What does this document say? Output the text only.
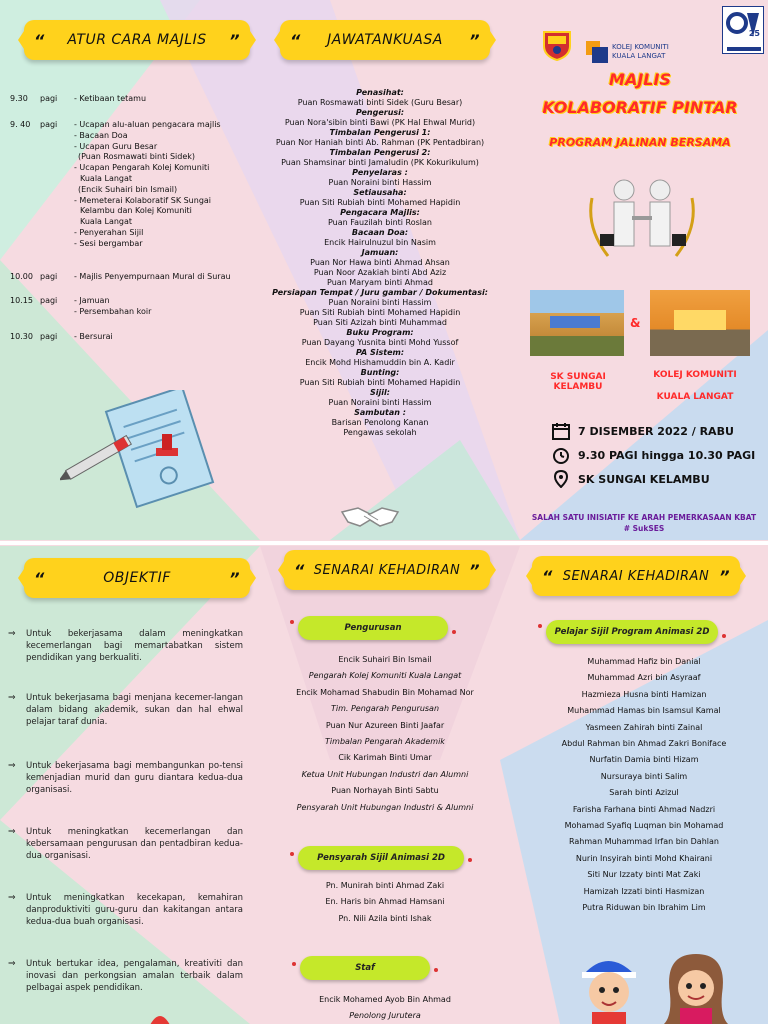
“ ATUR CARA MAJLIS ”
9.30	pagi	- Ketibaan tetamu
9. 40	pagi	- Ucapan alu-aluan pengacara majlis
- Bacaan Doa
- Ucapan Guru Besar
(Puan Rosmawati binti Sidek)
- Ucapan Pengarah Kolej Komuniti
Kuala Langat
(Encik Suhairi bin Ismail)
- Memeterai Kolaboratif SK Sungai
Kelambu dan Kolej Komuniti
Kuala Langat
- Penyerahan Sijil
- Sesi bergambar
10.00 pagi	- Majlis Penyempurnaan Mural di Surau
10.15 pagi	- Jamuan
- Persembahan koir
10.30 pagi	- Bersurai
“ JAWATANKUASA ”
Penasihat:
Puan Rosmawati binti Sidek (Guru Besar)
Pengerusi:
Puan Nora'sibin binti Bawi (PK Hal Ehwal Murid)
Timbalan Pengerusi 1:
Puan Nor Haniah binti Ab. Rahman (PK Pentadbiran)
Timbalan Pengerusi 2:
Puan Shamsinar binti Jamaludin (PK Kokurikulum)
Penyelaras :
Puan Noraini binti Hassim
Setiausaha:
Puan Siti Rubiah binti Mohamed Hapidin
Pengacara Majlis:
Puan Fauzilah binti Roslan
Bacaan Doa:
Encik Hairulnuzul bin Nasim
Jamuan:
Puan Nor Hawa binti Ahmad Ahsan
Puan Noor Azakiah binti Abd Aziz
Puan Maryam binti Ahmad
Persiapan Tempat / Juru gambar / Dokumentasi:
Puan Noraini binti Hassim
Puan Siti Rubiah binti Mohamed Hapidin
Puan Siti Azizah binti Muhammad
Buku Program:
Puan Dayang Yusnita binti Mohd Yussof
PA Sistem:
Encik Mohd Hishamuddin bin A. Kadir
Bunting:
Puan Siti Rubiah binti Mohamed Hapidin
Sijil:
Puan Noraini binti Hassim
Sambutan :
Barisan Penolong Kanan
Pengawas sekolah
KOLEJ KOMUNITI
KUALA LANGAT
25
MAJLIS
KOLABORATIF PINTAR
PROGRAM JALINAN BERSAMA
&
SK SUNGAI KELAMBU
KOLEJ KOMUNITI
KUALA LANGAT
7 DISEMBER 2022 / RABU
9.30 PAGI hingga 10.30 PAGI
SK SUNGAI KELAMBU
SALAH SATU INISIATIF KE ARAH PEMERKASAAN KBAT
# SukSES
“	OBJEKTIF	”
⇒	Untuk bekerjasama dalam meningkatkan kecemerlangan bagi memartabatkan sistem pendidikan yang berkualiti.
⇒	Untuk bekerjasama bagi menjana kecemer-langan dalam bidang akademik, sukan dan hal ehwal pelajar taraf dunia.
⇒	Untuk bekerjasama bagi membangunkan po-tensi kemenjadian murid dan guru diantara kedua-dua organisasi.
⇒	Untuk meningkatkan kecemerlangan dan kebersamaan pengurusan dan pentadbiran kedua-dua organisasi.
⇒	Untuk meningkatkan kecekapan, kemahiran danproduktiviti guru-guru dan kakitangan antara kedua-dua buah organisasi.
⇒	Untuk bertukar idea, pengalaman, kreativiti dan inovasi dan perkongsian amalan terbaik dalam pelbagai aspek pendidikan.
“ SENARAI KEHADIRAN ”
Pengurusan
Encik Suhairi Bin Ismail
Pengarah Kolej Komuniti Kuala Langat
Encik Mohamad Shabudin Bin Mohamad Nor
Tim. Pengarah Pengurusan
Puan Nur Azureen Binti Jaafar
Timbalan Pengarah Akademik
Cik Karimah Binti Umar
Ketua Unit Hubungan Industri dan Alumni
Puan Norhayah Binti Sabtu
Pensyarah Unit Hubungan Industri & Alumni
Pensyarah Sijil Animasi 2D
Pn. Munirah binti Ahmad Zaki
En. Haris bin Ahmad Hamsani
Pn. Nili Azila binti Ishak
Staf
Encik Mohamed Ayob Bin Ahmad
Penolong Jurutera
“ SENARAI KEHADIRAN ”
Pelajar Sijil Program Animasi 2D
Muhammad Hafiz bin Danial
Muhammad Azri bin Asyraaf
Hazmieza Husna binti Hamizan
Muhammad Hamas bin Isamsul Kamal
Yasmeen Zahirah binti Zainal
Abdul Rahman bin Ahmad Zakri Boniface
Nurfatin Damia binti Hizam
Nursuraya binti Salim
Sarah binti Azizul
Farisha Farhana binti Ahmad Nadzri
Mohamad Syafiq Luqman bin Mohamad
Rahman Muhammad Irfan bin Dahlan
Nurin Insyirah binti Mohd Khairani
Siti Nur Izzaty binti Mat Zaki
Hamizah Izzati binti Hasmizan
Putra Riduwan bin Ibrahim Lim
